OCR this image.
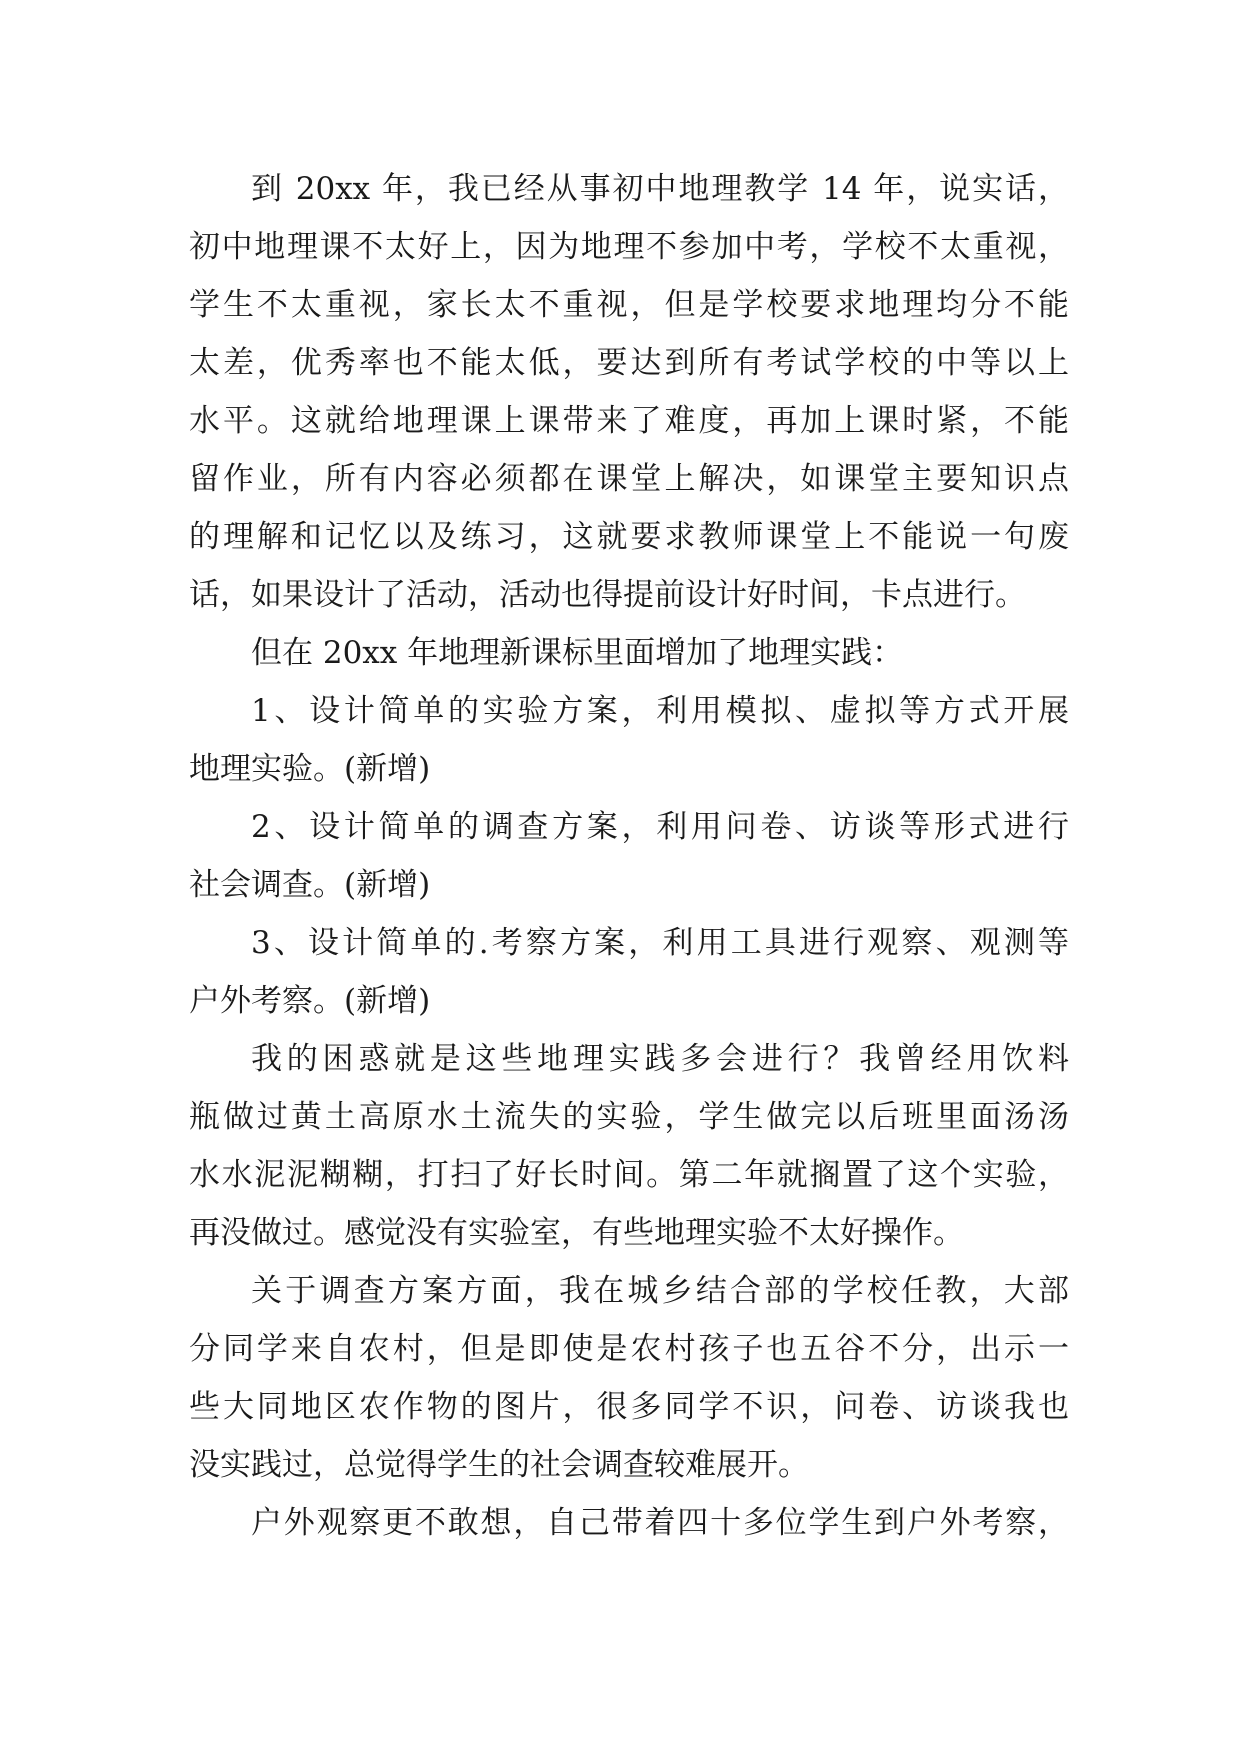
到 20xx 年，我已经从事初中地理教学 14 年，说实话，
初中地理课不太好上，因为地理不参加中考，学校不太重视，
学生不太重视，家长太不重视，但是学校要求地理均分不能
太差，优秀率也不能太低，要达到所有考试学校的中等以上
水平。这就给地理课上课带来了难度，再加上课时紧，不能
留作业，所有内容必须都在课堂上解决，如课堂主要知识点
的理解和记忆以及练习，这就要求教师课堂上不能说一句废
话，如果设计了活动，活动也得提前设计好时间，卡点进行。
但在 20xx 年地理新课标里面增加了地理实践：
1、设计简单的实验方案，利用模拟、虚拟等方式开展
地理实验。(新增)
2、设计简单的调查方案，利用问卷、访谈等形式进行
社会调查。(新增)
3、设计简单的.考察方案，利用工具进行观察、观测等
户外考察。(新增)
我的困惑就是这些地理实践多会进行？我曾经用饮料
瓶做过黄土高原水土流失的实验，学生做完以后班里面汤汤
水水泥泥糊糊，打扫了好长时间。第二年就搁置了这个实验，
再没做过。感觉没有实验室，有些地理实验不太好操作。
关于调查方案方面，我在城乡结合部的学校任教，大部
分同学来自农村，但是即使是农村孩子也五谷不分，出示一
些大同地区农作物的图片，很多同学不识，问卷、访谈我也
没实践过，总觉得学生的社会调查较难展开。
户外观察更不敢想，自己带着四十多位学生到户外考察，
